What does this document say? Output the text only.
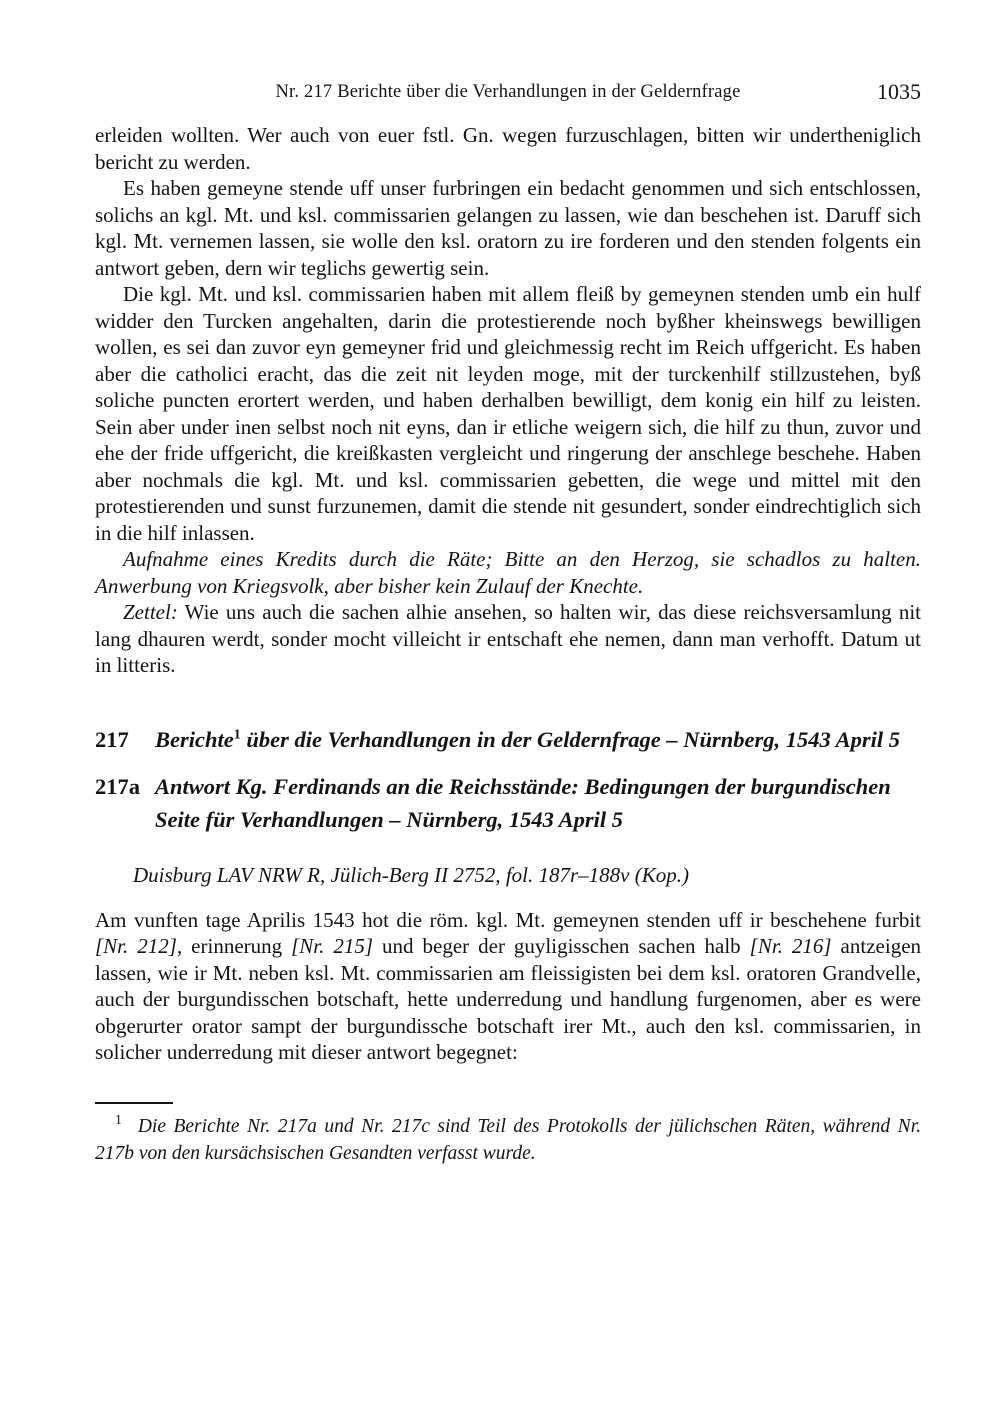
Nr. 217 Berichte über die Verhandlungen in der Geldernfrage	1035

erleiden wollten. Wer auch von euer fstl. Gn. wegen furzuschlagen, bitten wir undertheniglich bericht zu werden.

Es haben gemeyne stende uff unser furbringen ein bedacht genommen und sich entschlossen, solichs an kgl. Mt. und ksl. commissarien gelangen zu lassen, wie dan beschehen ist. Daruff sich kgl. Mt. vernemen lassen, sie wolle den ksl. oratorn zu ire forderen und den stenden folgents ein antwort geben, dern wir teglichs gewertig sein.

Die kgl. Mt. und ksl. commissarien haben mit allem fleiß by gemeynen stenden umb ein hulf widder den Turcken angehalten, darin die protestierende noch byßher kheinswegs bewilligen wollen, es sei dan zuvor eyn gemeyner frid und gleichmessig recht im Reich uffgericht. Es haben aber die catholici eracht, das die zeit nit leyden moge, mit der turckenhilf stillzustehen, byß soliche puncten erortert werden, und haben derhalben bewilligt, dem konig ein hilf zu leisten. Sein aber under inen selbst noch nit eyns, dan ir etliche weigern sich, die hilf zu thun, zuvor und ehe der fride uffgericht, die kreißkasten vergleicht und ringerung der anschlege beschehe. Haben aber nochmals die kgl. Mt. und ksl. commissarien gebetten, die wege und mittel mit den protestierenden und sunst furzunemen, damit die stende nit gesundert, sonder eindrechtiglich sich in die hilf inlassen.

Aufnahme eines Kredits durch die Räte; Bitte an den Herzog, sie schadlos zu halten. Anwerbung von Kriegsvolk, aber bisher kein Zulauf der Knechte.

Zettel: Wie uns auch die sachen alhie ansehen, so halten wir, das diese reichsversamlung nit lang dhauren werdt, sonder mocht villeicht ir entschaft ehe nemen, dann man verhofft. Datum ut in litteris.

217	Berichte$^1$ über die Verhandlungen in der Geldernfrage – Nürnberg, 1543 April 5
217a Antwort Kg. Ferdinands an die Reichsstände: Bedingungen der burgundischen Seite für Verhandlungen – Nürnberg, 1543 April 5

Duisburg LAV NRW R, Jülich-Berg II 2752, fol. 187r–188v (Kop.)

Am vunften tage Aprilis 1543 hot die röm. kgl. Mt. gemeynen stenden uff ir beschehene furbit [Nr. 212], erinnerung [Nr. 215] und beger der guyligisschen sachen halb [Nr. 216] antzeigen lassen, wie ir Mt. neben ksl. Mt. commissarien am fleissigisten bei dem ksl. oratoren Grandvelle, auch der burgundisschen botschaft, hette underredung und handlung furgenomen, aber es were obgerurter orator sampt der burgundissche botschaft irer Mt., auch den ksl. commissarien, in solicher underredung mit dieser antwort begegnet:

$^1$ Die Berichte Nr. 217a und Nr. 217c sind Teil des Protokolls der jülichschen Räten, während Nr. 217b von den kursächsischen Gesandten verfasst wurde.
